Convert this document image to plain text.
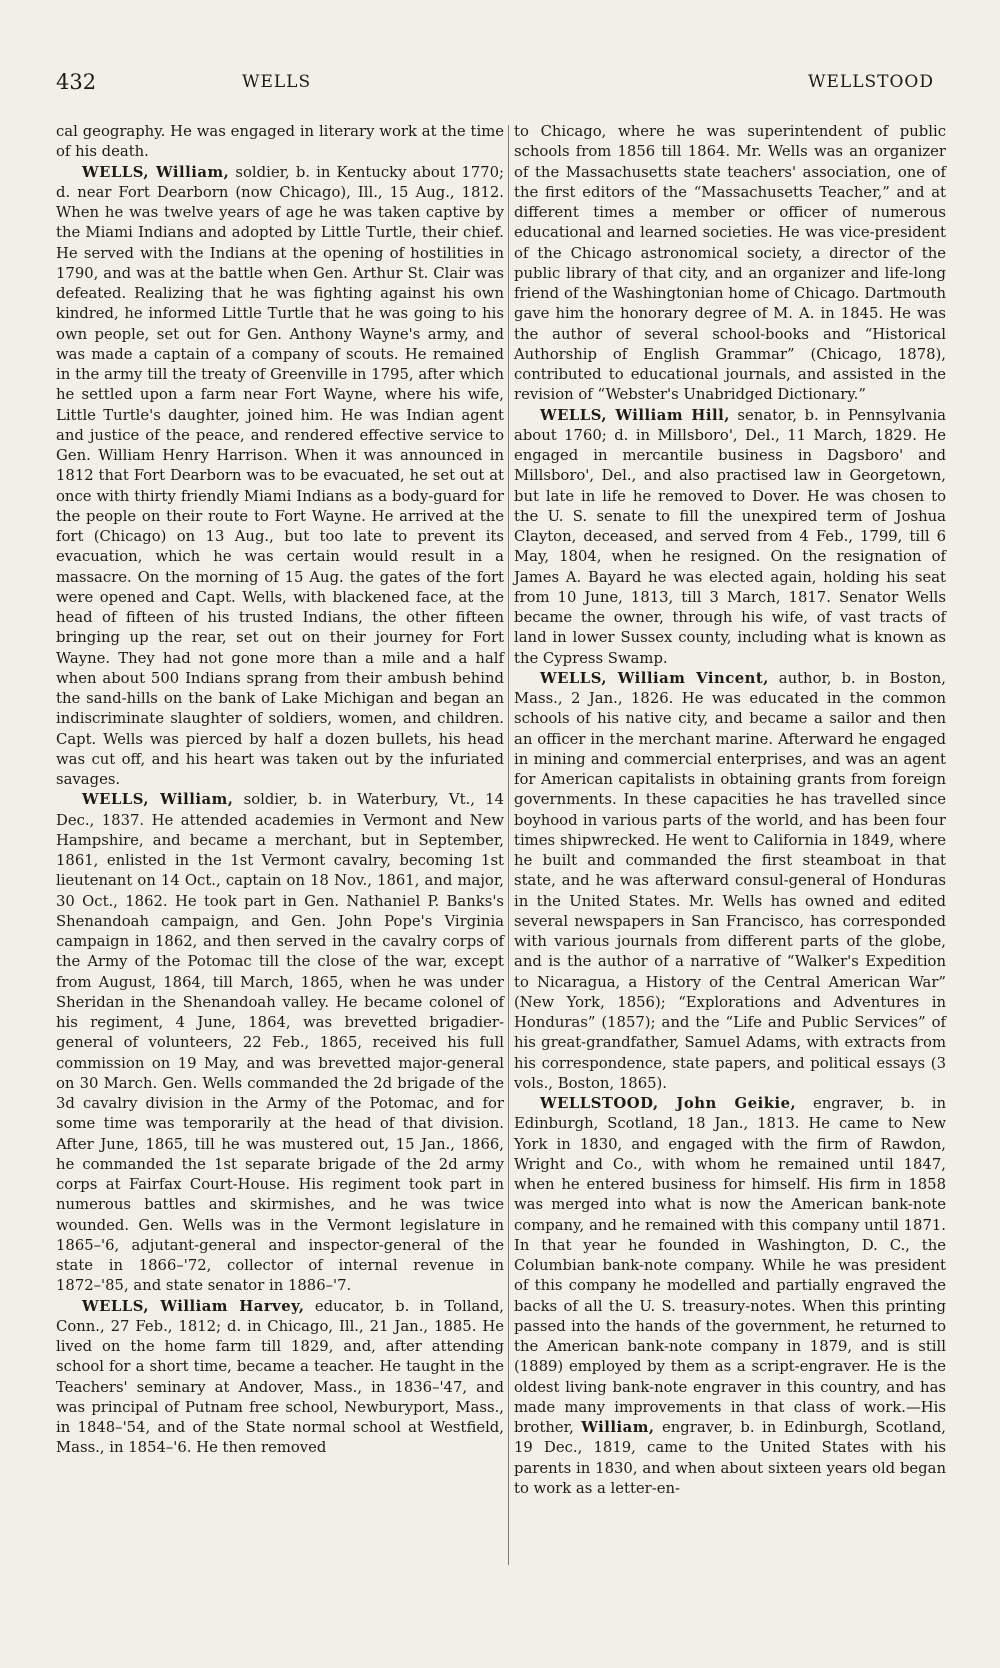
432	WELLS	WELLSTOOD

cal geography. He was engaged in literary work at the time of his death.

WELLS, William, soldier, b. in Kentucky about 1770; d. near Fort Dearborn (now Chicago), Ill., 15 Aug., 1812. When he was twelve years of age he was taken captive by the Miami Indians and adopted by Little Turtle, their chief. He served with the Indians at the opening of hostilities in 1790, and was at the battle when Gen. Arthur St. Clair was defeated. Realizing that he was fighting against his own kindred, he informed Little Turtle that he was going to his own people, set out for Gen. Anthony Wayne's army, and was made a captain of a company of scouts. He remained in the army till the treaty of Greenville in 1795, after which he settled upon a farm near Fort Wayne, where his wife, Little Turtle's daughter, joined him. He was Indian agent and justice of the peace, and rendered effective service to Gen. William Henry Harrison. When it was announced in 1812 that Fort Dearborn was to be evacuated, he set out at once with thirty friendly Miami Indians as a body-guard for the people on their route to Fort Wayne. He arrived at the fort (Chicago) on 13 Aug., but too late to prevent its evacuation, which he was certain would result in a massacre. On the morning of 15 Aug. the gates of the fort were opened and Capt. Wells, with blackened face, at the head of fifteen of his trusted Indians, the other fifteen bringing up the rear, set out on their journey for Fort Wayne. They had not gone more than a mile and a half when about 500 Indians sprang from their ambush behind the sand-hills on the bank of Lake Michigan and began an indiscriminate slaughter of soldiers, women, and children. Capt. Wells was pierced by half a dozen bullets, his head was cut off, and his heart was taken out by the infuriated savages.

WELLS, William, soldier, b. in Waterbury, Vt., 14 Dec., 1837. He attended academies in Vermont and New Hampshire, and became a merchant, but in September, 1861, enlisted in the 1st Vermont cavalry, becoming 1st lieutenant on 14 Oct., captain on 18 Nov., 1861, and major, 30 Oct., 1862. He took part in Gen. Nathaniel P. Banks's Shenandoah campaign, and Gen. John Pope's Virginia campaign in 1862, and then served in the cavalry corps of the Army of the Potomac till the close of the war, except from August, 1864, till March, 1865, when he was under Sheridan in the Shenandoah valley. He became colonel of his regiment, 4 June, 1864, was brevetted brigadier-general of volunteers, 22 Feb., 1865, received his full commission on 19 May, and was brevetted major-general on 30 March. Gen. Wells commanded the 2d brigade of the 3d cavalry division in the Army of the Potomac, and for some time was temporarily at the head of that division. After June, 1865, till he was mustered out, 15 Jan., 1866, he commanded the 1st separate brigade of the 2d army corps at Fairfax Court-House. His regiment took part in numerous battles and skirmishes, and he was twice wounded. Gen. Wells was in the Vermont legislature in 1865–'6, adjutant-general and inspector-general of the state in 1866–'72, collector of internal revenue in 1872–'85, and state senator in 1886–'7.

WELLS, William Harvey, educator, b. in Tolland, Conn., 27 Feb., 1812; d. in Chicago, Ill., 21 Jan., 1885. He lived on the home farm till 1829, and, after attending school for a short time, became a teacher. He taught in the Teachers' seminary at Andover, Mass., in 1836–'47, and was principal of Putnam free school, Newburyport, Mass., in 1848–'54, and of the State normal school at Westfield, Mass., in 1854–'6. He then removed

to Chicago, where he was superintendent of public schools from 1856 till 1864. Mr. Wells was an organizer of the Massachusetts state teachers' association, one of the first editors of the “Massachusetts Teacher,” and at different times a member or officer of numerous educational and learned societies. He was vice-president of the Chicago astronomical society, a director of the public library of that city, and an organizer and life-long friend of the Washingtonian home of Chicago. Dartmouth gave him the honorary degree of M. A. in 1845. He was the author of several school-books and “Historical Authorship of English Grammar” (Chicago, 1878), contributed to educational journals, and assisted in the revision of “Webster's Unabridged Dictionary.”

WELLS, William Hill, senator, b. in Pennsylvania about 1760; d. in Millsboro', Del., 11 March, 1829. He engaged in mercantile business in Dagsboro' and Millsboro', Del., and also practised law in Georgetown, but late in life he removed to Dover. He was chosen to the U. S. senate to fill the unexpired term of Joshua Clayton, deceased, and served from 4 Feb., 1799, till 6 May, 1804, when he resigned. On the resignation of James A. Bayard he was elected again, holding his seat from 10 June, 1813, till 3 March, 1817. Senator Wells became the owner, through his wife, of vast tracts of land in lower Sussex county, including what is known as the Cypress Swamp.

WELLS, William Vincent, author, b. in Boston, Mass., 2 Jan., 1826. He was educated in the common schools of his native city, and became a sailor and then an officer in the merchant marine. Afterward he engaged in mining and commercial enterprises, and was an agent for American capitalists in obtaining grants from foreign governments. In these capacities he has travelled since boyhood in various parts of the world, and has been four times shipwrecked. He went to California in 1849, where he built and commanded the first steamboat in that state, and he was afterward consul-general of Honduras in the United States. Mr. Wells has owned and edited several newspapers in San Francisco, has corresponded with various journals from different parts of the globe, and is the author of a narrative of “Walker's Expedition to Nicaragua, a History of the Central American War” (New York, 1856); “Explorations and Adventures in Honduras” (1857); and the “Life and Public Services” of his great-grandfather, Samuel Adams, with extracts from his correspondence, state papers, and political essays (3 vols., Boston, 1865).

WELLSTOOD, John Geikie, engraver, b. in Edinburgh, Scotland, 18 Jan., 1813. He came to New York in 1830, and engaged with the firm of Rawdon, Wright and Co., with whom he remained until 1847, when he entered business for himself. His firm in 1858 was merged into what is now the American bank-note company, and he remained with this company until 1871. In that year he founded in Washington, D. C., the Columbian bank-note company. While he was president of this company he modelled and partially engraved the backs of all the U. S. treasury-notes. When this printing passed into the hands of the government, he returned to the American bank-note company in 1879, and is still (1889) employed by them as a script-engraver. He is the oldest living bank-note engraver in this country, and has made many improvements in that class of work.—His brother, William, engraver, b. in Edinburgh, Scotland, 19 Dec., 1819, came to the United States with his parents in 1830, and when about sixteen years old began to work as a letter-en-
